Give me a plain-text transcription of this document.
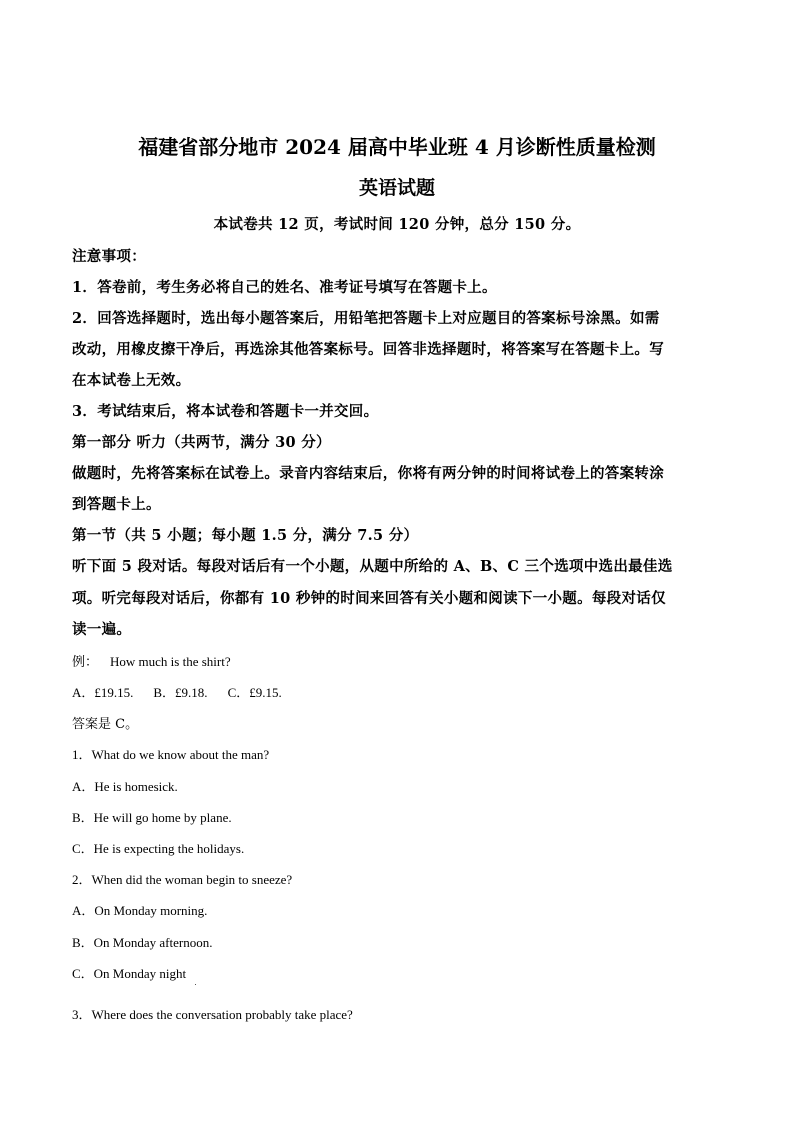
福建省部分地市 2024 届高中毕业班 4 月诊断性质量检测
英语试题
本试卷共 12 页，考试时间 120 分钟，总分 150 分。
注意事项：
1．答卷前，考生务必将自己的姓名、准考证号填写在答题卡上。
2．回答选择题时，选出每小题答案后，用铅笔把答题卡上对应题目的答案标号涂黑。如需
改动，用橡皮擦干净后，再选涂其他答案标号。回答非选择题时，将答案写在答题卡上。写
在本试卷上无效。
3．考试结束后，将本试卷和答题卡一并交回。
第一部分 听力（共两节，满分 30 分）
做题时，先将答案标在试卷上。录音内容结束后，你将有两分钟的时间将试卷上的答案转涂
到答题卡上。
第一节（共 5 小题；每小题 1.5 分，满分 7.5 分）
听下面 5 段对话。每段对话后有一个小题，从题中所给的 A、B、C 三个选项中选出最佳选
项。听完每段对话后，你都有 10 秒钟的时间来回答有关小题和阅读下一小题。每段对话仅
读一遍。
例： How much is the shirt?
A．£19.15. B．£9.18. C．£9.15.
答案是 C。
1．What do we know about the man?
A．He is homesick.
B．He will go home by plane.
C．He is expecting the holidays.
2．When did the woman begin to sneeze?
A．On Monday morning.
B．On Monday afternoon.
C．On Monday night
3．Where does the conversation probably take place?
